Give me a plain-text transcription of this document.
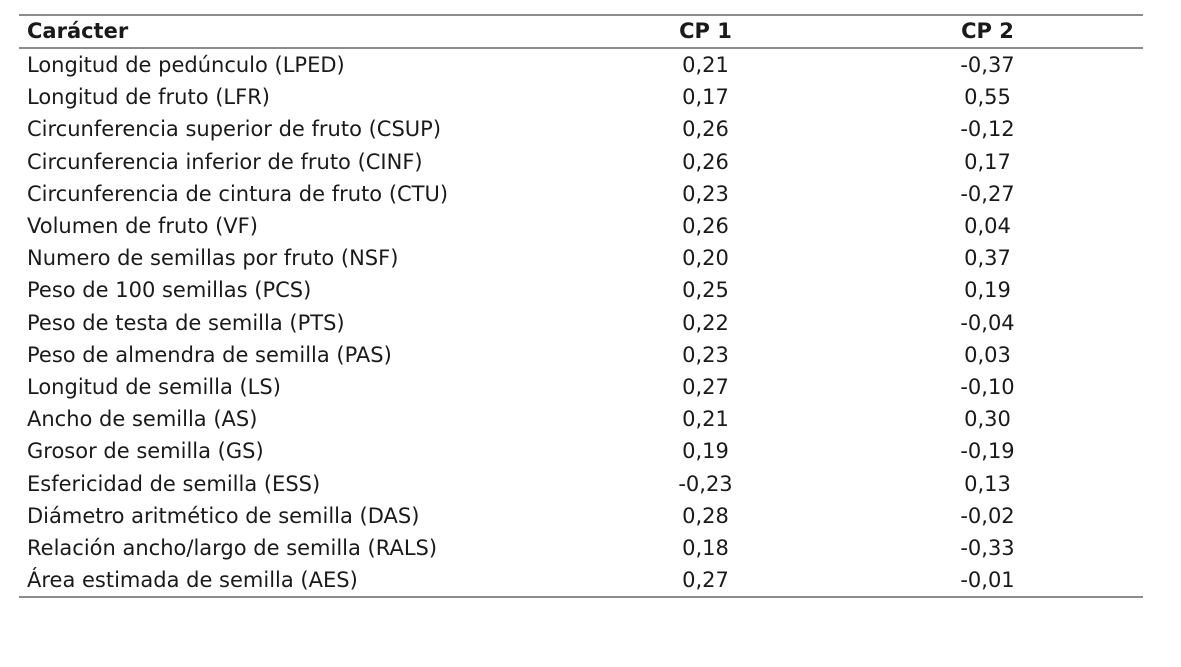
Carácter	CP 1	CP 2
Longitud de pedúnculo (LPED)	0,21	-0,37
Longitud de fruto (LFR)	0,17	0,55
Circunferencia superior de fruto (CSUP)	0,26	-0,12
Circunferencia inferior de fruto (CINF)	0,26	0,17
Circunferencia de cintura de fruto (CTU)	0,23	-0,27
Volumen de fruto (VF)	0,26	0,04
Numero de semillas por fruto (NSF)	0,20	0,37
Peso de 100 semillas (PCS)	0,25	0,19
Peso de testa de semilla (PTS)	0,22	-0,04
Peso de almendra de semilla (PAS)	0,23	0,03
Longitud de semilla (LS)	0,27	-0,10
Ancho de semilla (AS)	0,21	0,30
Grosor de semilla (GS)	0,19	-0,19
Esfericidad de semilla (ESS)	-0,23	0,13
Diámetro aritmético de semilla (DAS)	0,28	-0,02
Relación ancho/largo de semilla (RALS)	0,18	-0,33
Área estimada de semilla (AES)	0,27	-0,01
